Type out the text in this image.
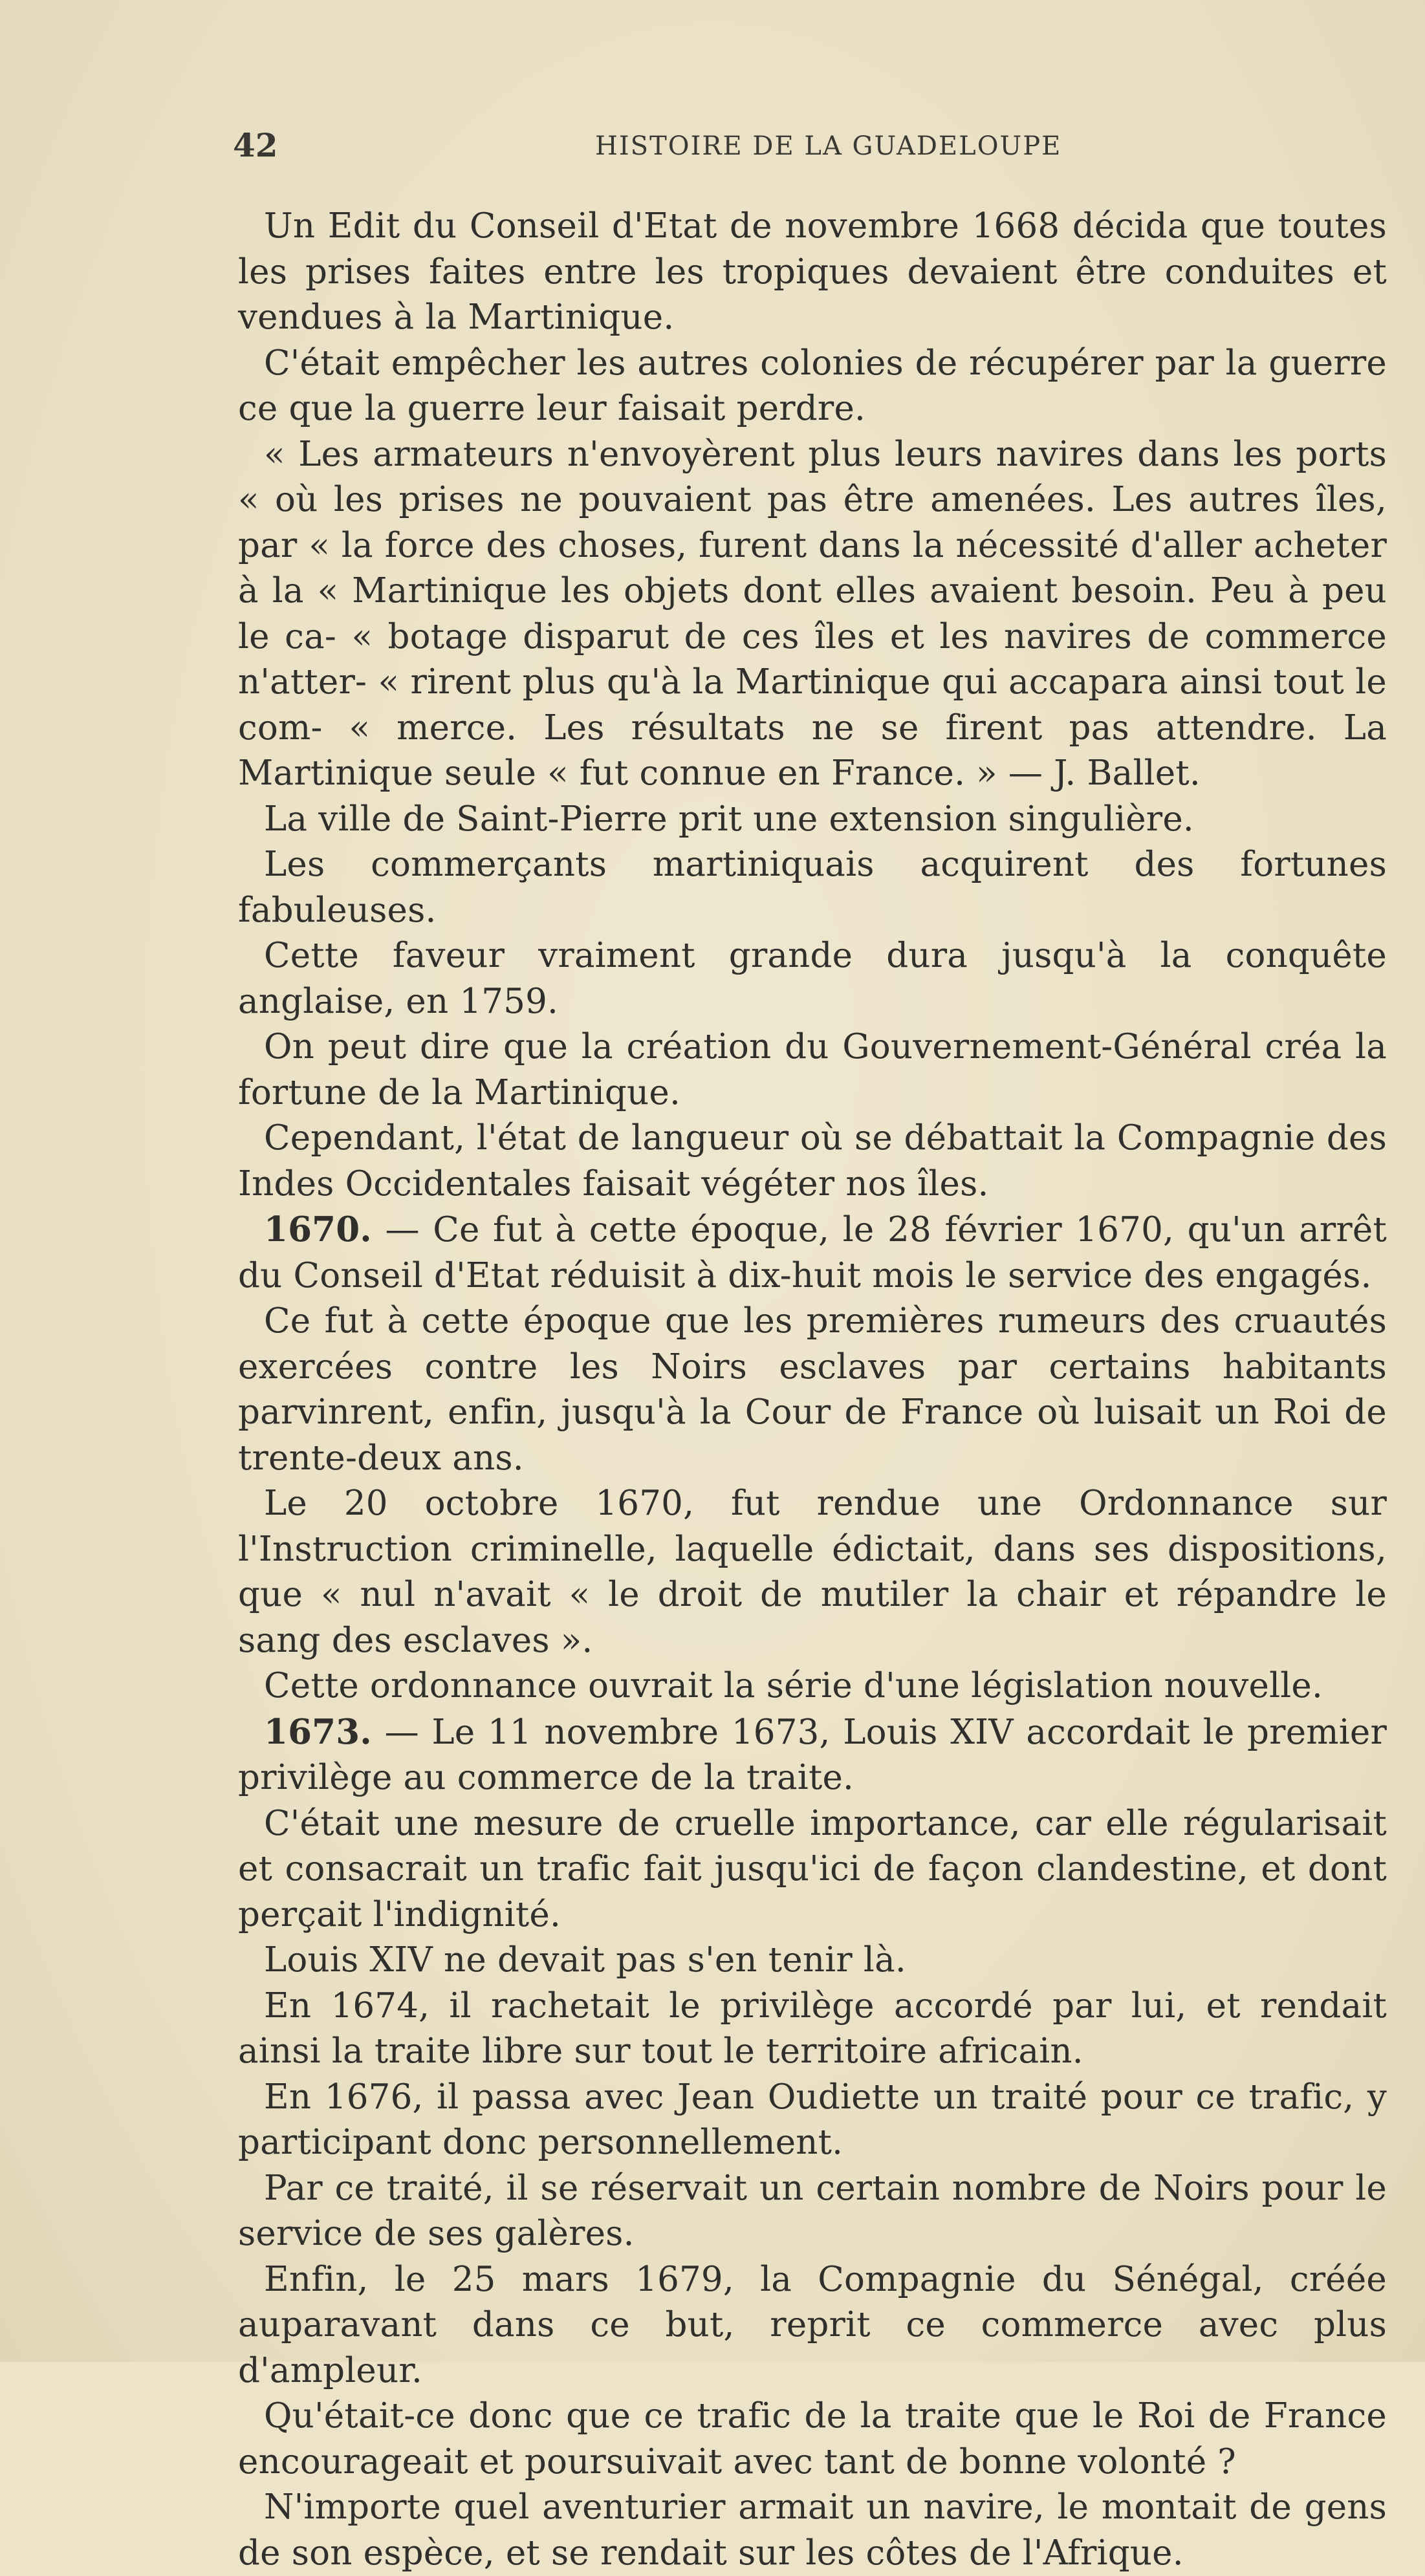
42	HISTOIRE DE LA GUADELOUPE

Un Edit du Conseil d'Etat de novembre 1668 décida que toutes les prises faites entre les tropiques devaient être conduites et vendues à la Martinique.

C'était empêcher les autres colonies de récupérer par la guerre ce que la guerre leur faisait perdre.

« Les armateurs n'envoyèrent plus leurs navires dans les ports « où les prises ne pouvaient pas être amenées. Les autres îles, par « la force des choses, furent dans la nécessité d'aller acheter à la « Martinique les objets dont elles avaient besoin. Peu à peu le ca- « botage disparut de ces îles et les navires de commerce n'atter- « rirent plus qu'à la Martinique qui accapara ainsi tout le com- « merce. Les résultats ne se firent pas attendre. La Martinique seule « fut connue en France. » — J. Ballet.

La ville de Saint-Pierre prit une extension singulière.

Les commerçants martiniquais acquirent des fortunes fabuleuses.

Cette faveur vraiment grande dura jusqu'à la conquête anglaise, en 1759.

On peut dire que la création du Gouvernement-Général créa la fortune de la Martinique.

Cependant, l'état de langueur où se débattait la Compagnie des Indes Occidentales faisait végéter nos îles.

1670. — Ce fut à cette époque, le 28 février 1670, qu'un arrêt du Conseil d'Etat réduisit à dix-huit mois le service des engagés.

Ce fut à cette époque que les premières rumeurs des cruautés exercées contre les Noirs esclaves par certains habitants parvinrent, enfin, jusqu'à la Cour de France où luisait un Roi de trente-deux ans.

Le 20 octobre 1670, fut rendue une Ordonnance sur l'Instruction criminelle, laquelle édictait, dans ses dispositions, que « nul n'avait « le droit de mutiler la chair et répandre le sang des esclaves ».

Cette ordonnance ouvrait la série d'une législation nouvelle.

1673. — Le 11 novembre 1673, Louis XIV accordait le premier privilège au commerce de la traite.

C'était une mesure de cruelle importance, car elle régularisait et consacrait un trafic fait jusqu'ici de façon clandestine, et dont perçait l'indignité.

Louis XIV ne devait pas s'en tenir là.

En 1674, il rachetait le privilège accordé par lui, et rendait ainsi la traite libre sur tout le territoire africain.

En 1676, il passa avec Jean Oudiette un traité pour ce trafic, y participant donc personnellement.

Par ce traité, il se réservait un certain nombre de Noirs pour le service de ses galères.

Enfin, le 25 mars 1679, la Compagnie du Sénégal, créée auparavant dans ce but, reprit ce commerce avec plus d'ampleur.

Qu'était-ce donc que ce trafic de la traite que le Roi de France encourageait et poursuivait avec tant de bonne volonté ?

N'importe quel aventurier armait un navire, le montait de gens de son espèce, et se rendait sur les côtes de l'Afrique.
